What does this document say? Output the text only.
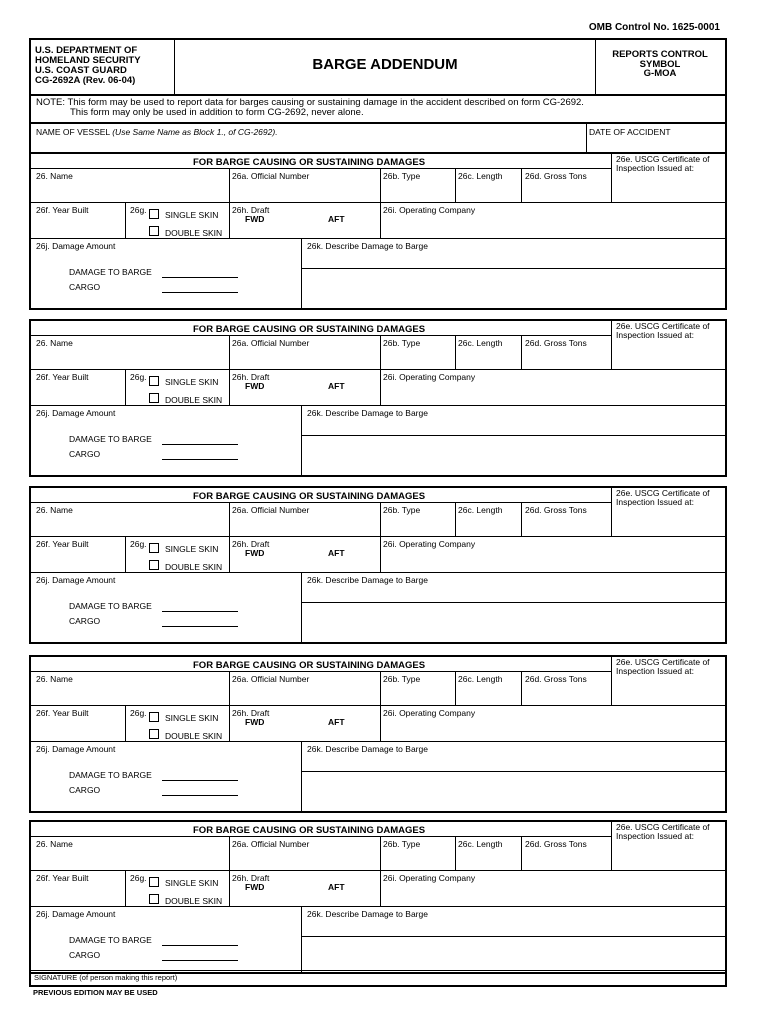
OMB Control No. 1625-0001
U.S. DEPARTMENT OF
HOMELAND SECURITY
U.S. COAST GUARD
CG-2692A (Rev. 06-04)
BARGE ADDENDUM
REPORTS CONTROL
SYMBOL
G-MOA
NOTE: This form may be used to report data for barges causing or sustaining damage in the accident described on form CG-2692.
This form may only be used in addition to form CG-2692, never alone.
NAME OF VESSEL (Use Same Name as Block 1., of CG-2692).	DATE OF ACCIDENT
FOR BARGE CAUSING OR SUSTAINING DAMAGES
26. Name	26a. Official Number	26b. Type	26c. Length	26d. Gross Tons
26e. USCG Certificate of
Inspection Issued at:
26f. Year Built	26g. SINGLE SKIN
DOUBLE SKIN
26h. Draft
FWD	AFT
26i. Operating Company
26j. Damage Amount
DAMAGE TO BARGE
CARGO
26k. Describe Damage to Barge
FOR BARGE CAUSING OR SUSTAINING DAMAGES
26. Name	26a. Official Number	26b. Type	26c. Length	26d. Gross Tons
26e. USCG Certificate of
Inspection Issued at:
26f. Year Built	26g. SINGLE SKIN
DOUBLE SKIN
26h. Draft
FWD	AFT
26i. Operating Company
26j. Damage Amount
DAMAGE TO BARGE
CARGO
26k. Describe Damage to Barge
FOR BARGE CAUSING OR SUSTAINING DAMAGES
26. Name	26a. Official Number	26b. Type	26c. Length	26d. Gross Tons
26e. USCG Certificate of
Inspection Issued at:
26f. Year Built	26g. SINGLE SKIN
DOUBLE SKIN
26h. Draft
FWD	AFT
26i. Operating Company
26j. Damage Amount
DAMAGE TO BARGE
CARGO
26k. Describe Damage to Barge
FOR BARGE CAUSING OR SUSTAINING DAMAGES
26. Name	26a. Official Number	26b. Type	26c. Length	26d. Gross Tons
26e. USCG Certificate of
Inspection Issued at:
26f. Year Built	26g. SINGLE SKIN
DOUBLE SKIN
26h. Draft
FWD	AFT
26i. Operating Company
26j. Damage Amount
DAMAGE TO BARGE
CARGO
26k. Describe Damage to Barge
FOR BARGE CAUSING OR SUSTAINING DAMAGES
26. Name	26a. Official Number	26b. Type	26c. Length	26d. Gross Tons
26e. USCG Certificate of
Inspection Issued at:
26f. Year Built	26g. SINGLE SKIN
DOUBLE SKIN
26h. Draft
FWD	AFT
26i. Operating Company
26j. Damage Amount
DAMAGE TO BARGE
CARGO
26k. Describe Damage to Barge
SIGNATURE (of person making this report)
PREVIOUS EDITION MAY BE USED
